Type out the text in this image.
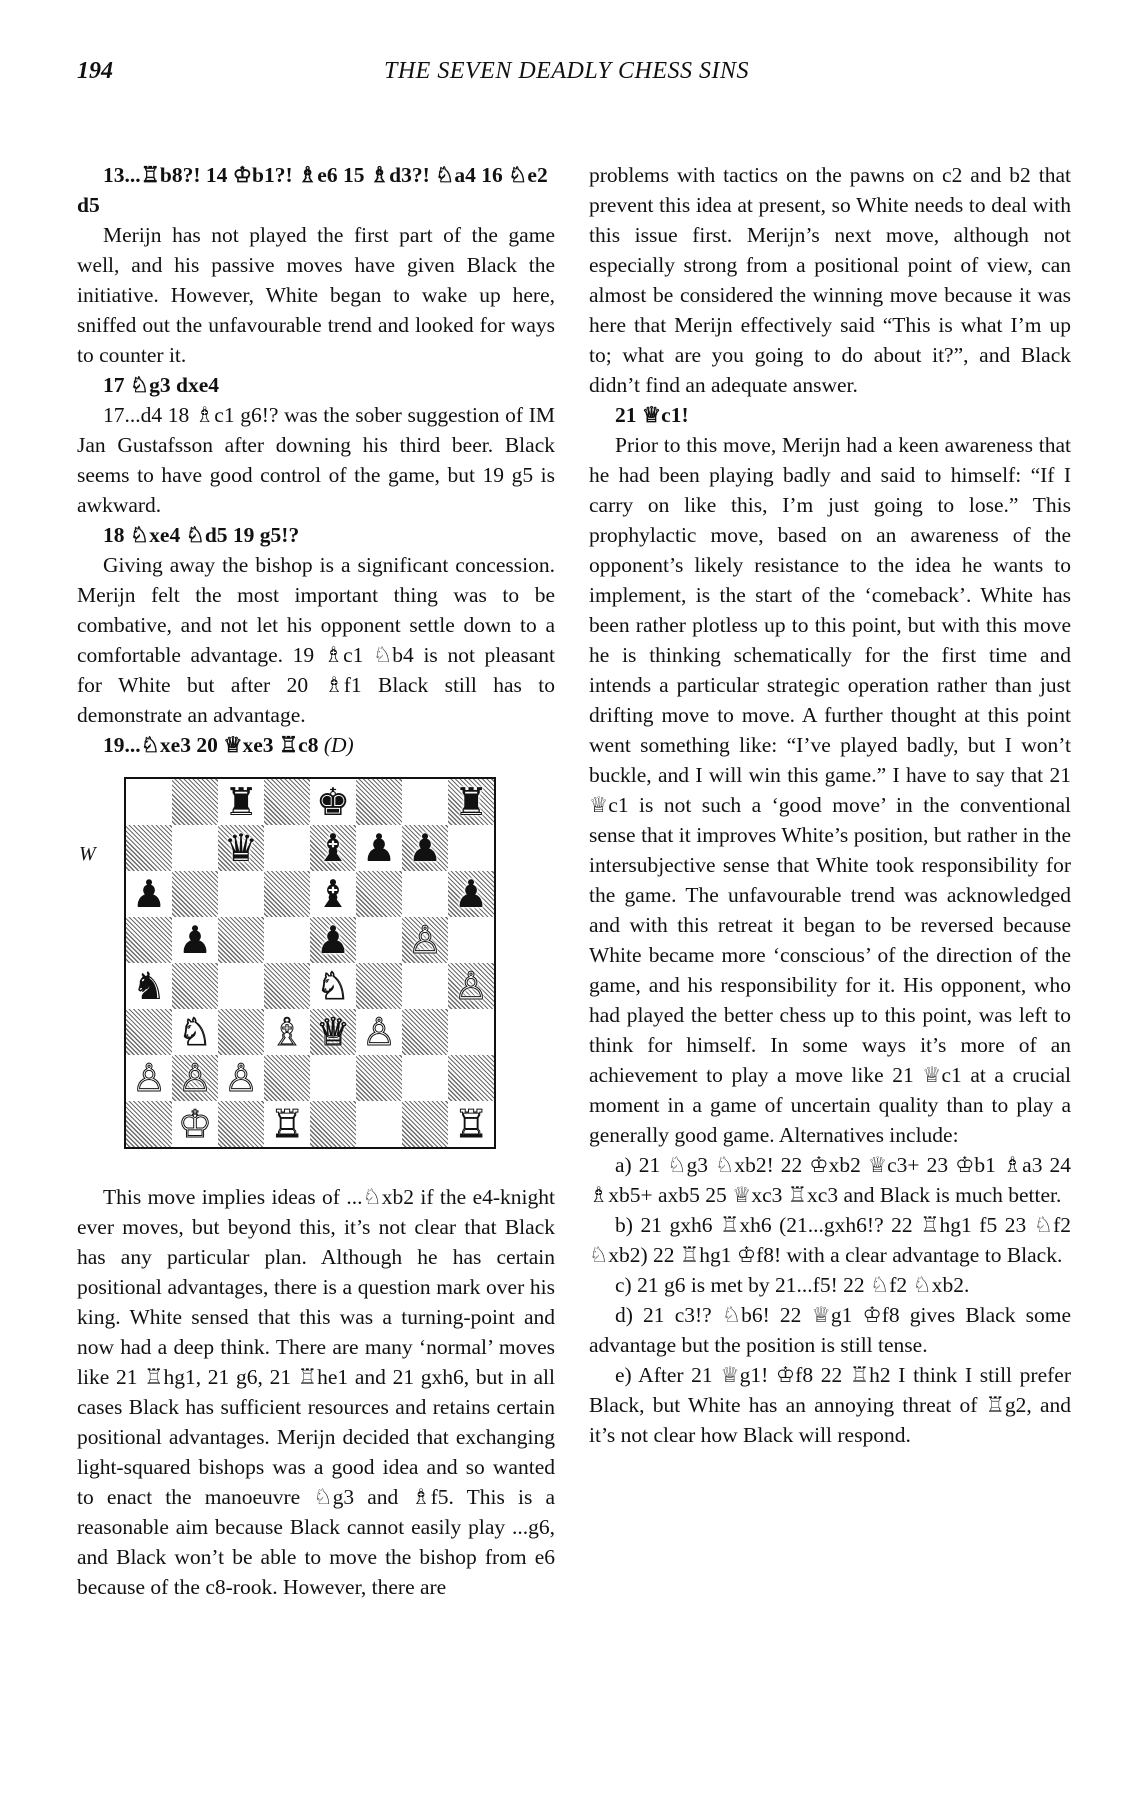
194	THE SEVEN DEADLY CHESS SINS

13...♖b8?! 14 ♔b1?! ♗e6 15 ♗d3?! ♘a4 16 ♘e2 d5

Merijn has not played the first part of the game well, and his passive moves have given Black the initiative. However, White began to wake up here, sniffed out the unfavourable trend and looked for ways to counter it.

17 ♘g3 dxe4

17...d4 18 ♗c1 g6!? was the sober suggestion of IM Jan Gustafsson after downing his third beer. Black seems to have good control of the game, but 19 g5 is awkward.

18 ♘xe4 ♘d5 19 g5!?

Giving away the bishop is a significant concession. Merijn felt the most important thing was to be combative, and not let his opponent settle down to a comfortable advantage. 19 ♗c1 ♘b4 is not pleasant for White but after 20 ♗f1 Black still has to demonstrate an advantage.

19...♘xe3 20 ♕xe3 ♖c8 (D)

W
♜ ♚	♜
♛ ♝ ♟ ♟
♟	♝	♟
♟	♟ ♙
♞	♘	♙
♘ ♗ ♕ ♙
♙ ♙ ♙
♔ ♖	♖

This move implies ideas of ...♘xb2 if the e4-knight ever moves, but beyond this, it’s not clear that Black has any particular plan. Although he has certain positional advantages, there is a question mark over his king. White sensed that this was a turning-point and now had a deep think. There are many ‘normal’ moves like 21 ♖hg1, 21 g6, 21 ♖he1 and 21 gxh6, but in all cases Black has sufficient resources and retains certain positional advantages. Merijn decided that exchanging light-squared bishops was a good idea and so wanted to enact the manoeuvre ♘g3 and ♗f5. This is a reasonable aim because Black cannot easily play ...g6, and Black won’t be able to move the bishop from e6 because of the c8-rook. However, there are

problems with tactics on the pawns on c2 and b2 that prevent this idea at present, so White needs to deal with this issue first. Merijn’s next move, although not especially strong from a positional point of view, can almost be considered the winning move because it was here that Merijn effectively said “This is what I’m up to; what are you going to do about it?”, and Black didn’t find an adequate answer.

21 ♕c1!

Prior to this move, Merijn had a keen awareness that he had been playing badly and said to himself: “If I carry on like this, I’m just going to lose.” This prophylactic move, based on an awareness of the opponent’s likely resistance to the idea he wants to implement, is the start of the ‘comeback’. White has been rather plotless up to this point, but with this move he is thinking schematically for the first time and intends a particular strategic operation rather than just drifting move to move. A further thought at this point went something like: “I’ve played badly, but I won’t buckle, and I will win this game.” I have to say that 21 ♕c1 is not such a ‘good move’ in the conventional sense that it improves White’s position, but rather in the intersubjective sense that White took responsibility for the game. The unfavourable trend was acknowledged and with this retreat it began to be reversed because White became more ‘conscious’ of the direction of the game, and his responsibility for it. His opponent, who had played the better chess up to this point, was left to think for himself. In some ways it’s more of an achievement to play a move like 21 ♕c1 at a crucial moment in a game of uncertain quality than to play a generally good game. Alternatives include:

a) 21 ♘g3 ♘xb2! 22 ♔xb2 ♕c3+ 23 ♔b1 ♗a3 24 ♗xb5+ axb5 25 ♕xc3 ♖xc3 and Black is much better.

b) 21 gxh6 ♖xh6 (21...gxh6!? 22 ♖hg1 f5 23 ♘f2 ♘xb2) 22 ♖hg1 ♔f8! with a clear advantage to Black.

c) 21 g6 is met by 21...f5! 22 ♘f2 ♘xb2.

d) 21 c3!? ♘b6! 22 ♕g1 ♔f8 gives Black some advantage but the position is still tense.

e) After 21 ♕g1! ♔f8 22 ♖h2 I think I still prefer Black, but White has an annoying threat of ♖g2, and it’s not clear how Black will respond.
